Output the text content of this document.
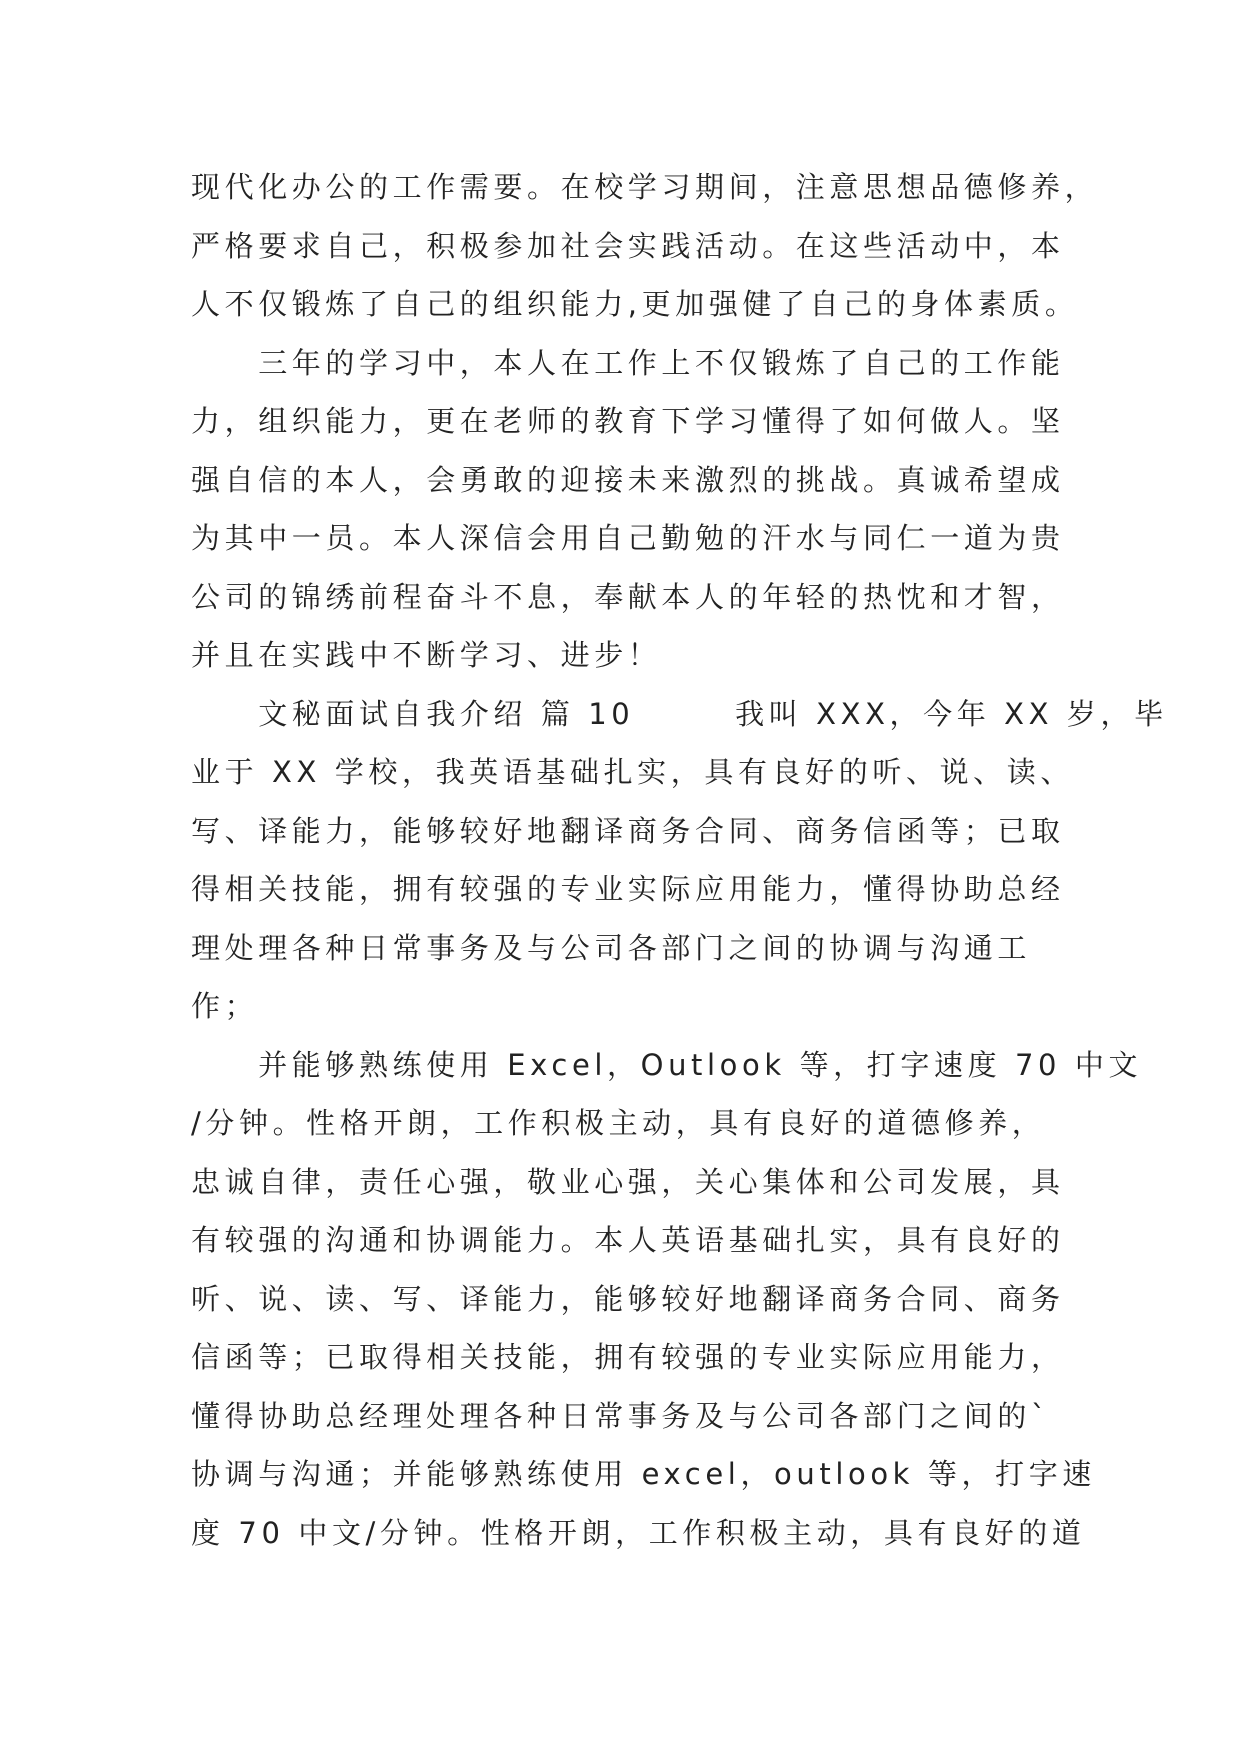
现代化办公的工作需要。在校学习期间，注意思想品德修养，
严格要求自己，积极参加社会实践活动。在这些活动中，本
人不仅锻炼了自己的组织能力,更加强健了自己的身体素质。
　　三年的学习中，本人在工作上不仅锻炼了自己的工作能
力，组织能力，更在老师的教育下学习懂得了如何做人。坚
强自信的本人，会勇敢的迎接未来激烈的挑战。真诚希望成
为其中一员。本人深信会用自己勤勉的汗水与同仁一道为贵
公司的锦绣前程奋斗不息，奉献本人的年轻的热忱和才智，
并且在实践中不断学习、进步！
　　文秘面试自我介绍 篇 10　　　我叫 XXX，今年 XX 岁，毕
业于 XX 学校，我英语基础扎实，具有良好的听、说、读、
写、译能力，能够较好地翻译商务合同、商务信函等；已取
得相关技能，拥有较强的专业实际应用能力，懂得协助总经
理处理各种日常事务及与公司各部门之间的协调与沟通工
作；
　　并能够熟练使用 Excel，Outlook 等，打字速度 70 中文
/分钟。性格开朗，工作积极主动，具有良好的道德修养，
忠诚自律，责任心强，敬业心强，关心集体和公司发展，具
有较强的沟通和协调能力。本人英语基础扎实，具有良好的
听、说、读、写、译能力，能够较好地翻译商务合同、商务
信函等；已取得相关技能，拥有较强的专业实际应用能力，
懂得协助总经理处理各种日常事务及与公司各部门之间的`
协调与沟通；并能够熟练使用 excel，outlook 等，打字速
度 70 中文/分钟。性格开朗，工作积极主动，具有良好的道
